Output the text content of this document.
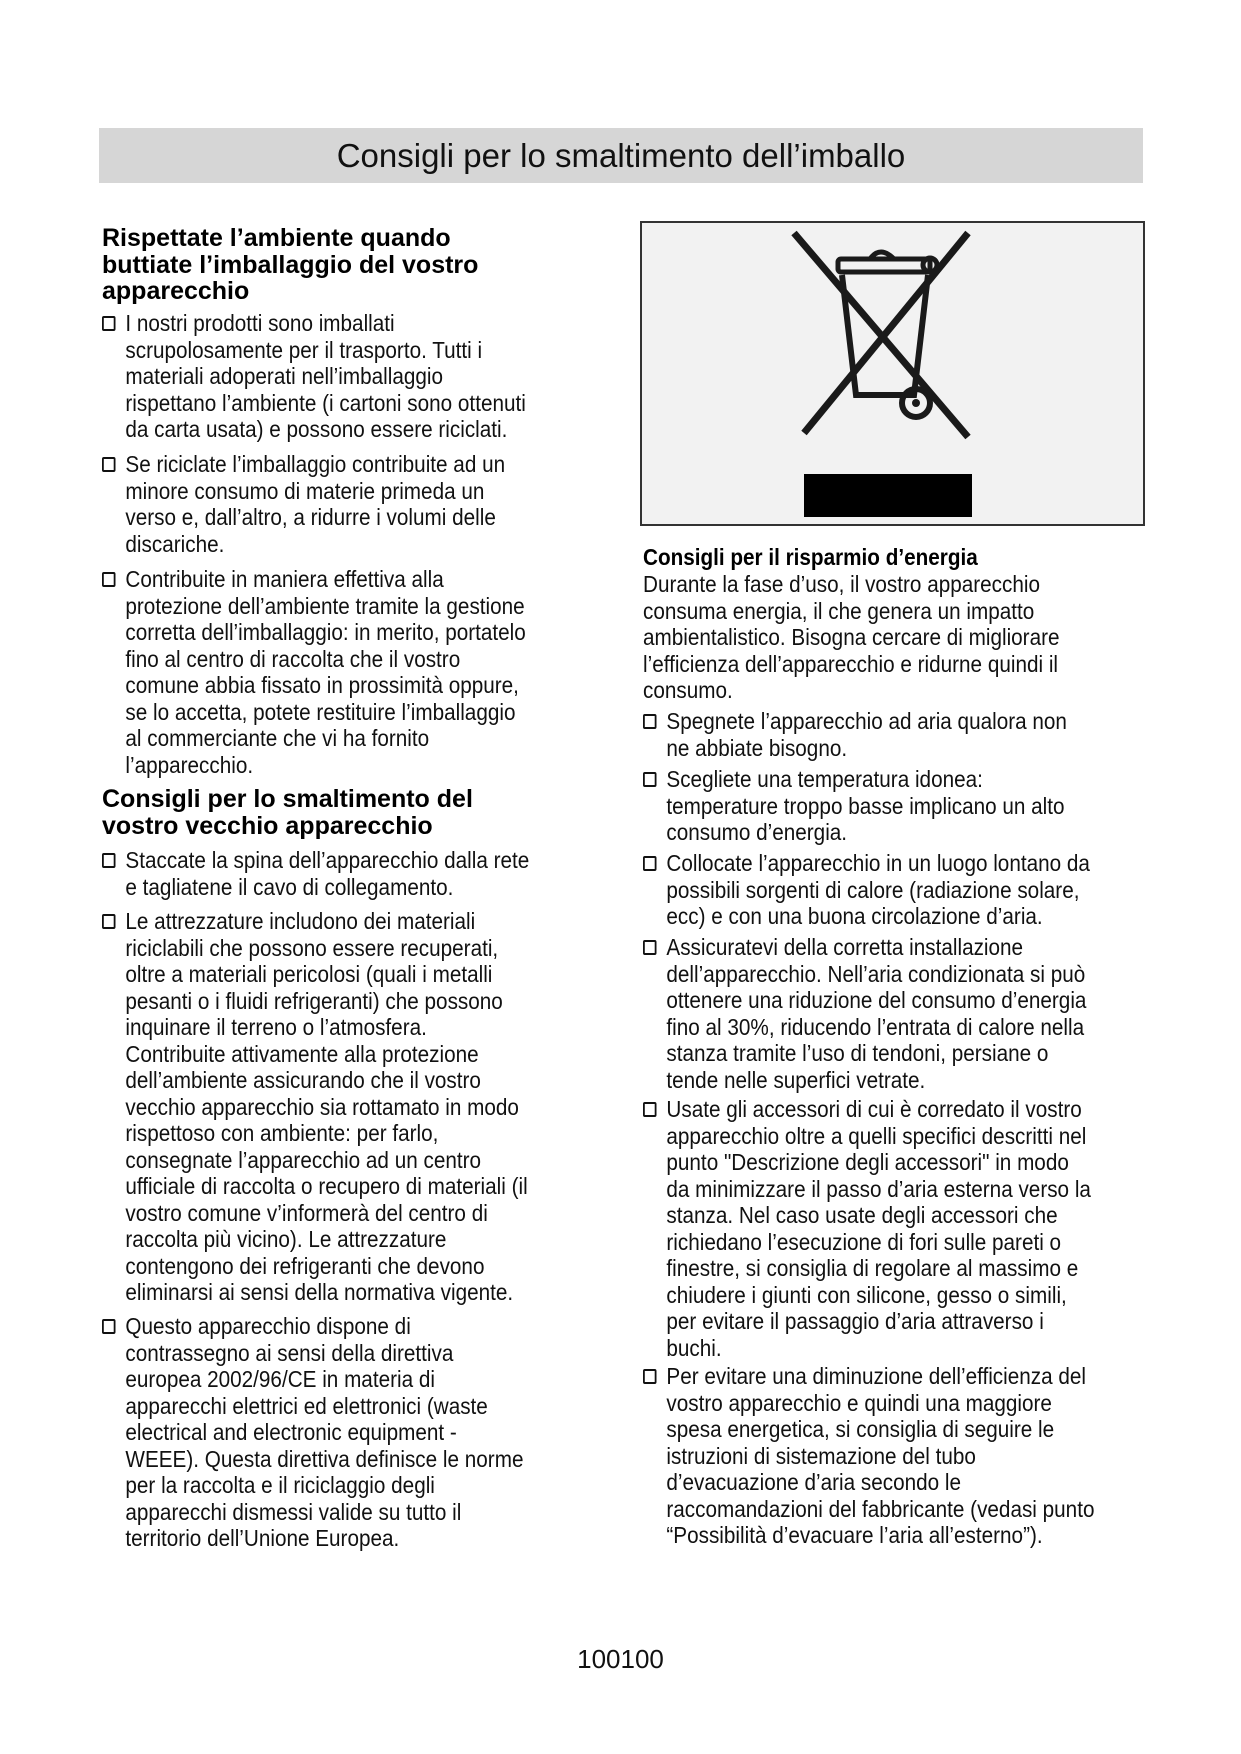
Consigli per lo smaltimento dell’imballo
Rispettate l’ambiente quando
buttiate l’imballaggio del vostro
apparecchio
I nostri prodotti sono imballati
scrupolosamente per il trasporto. Tutti i
materiali adoperati nell’imballaggio
rispettano l’ambiente (i cartoni sono ottenuti
da carta usata) e possono essere riciclati.
Se riciclate l’imballaggio contribuite ad un
minore consumo di materie primeda un
verso e, dall’altro, a ridurre i volumi delle
discariche.
Contribuite in maniera effettiva alla
protezione dell’ambiente tramite la gestione
corretta dell’imballaggio: in merito, portatelo
fino al centro di raccolta che il vostro
comune abbia fissato in prossimità oppure,
se lo accetta, potete restituire l’imballaggio
al commerciante che vi ha fornito
l’apparecchio.
Consigli per lo smaltimento del
vostro vecchio apparecchio
Staccate la spina dell’apparecchio dalla rete
e tagliatene il cavo di collegamento.
Le attrezzature includono dei materiali
riciclabili che possono essere recuperati,
oltre a materiali pericolosi (quali i metalli
pesanti o i fluidi refrigeranti) che possono
inquinare il terreno o l’atmosfera.
Contribuite attivamente alla protezione
dell’ambiente assicurando che il vostro
vecchio apparecchio sia rottamato in modo
rispettoso con ambiente: per farlo,
consegnate l’apparecchio ad un centro
ufficiale di raccolta o recupero di materiali (il
vostro comune v’informerà del centro di
raccolta più vicino). Le attrezzature
contengono dei refrigeranti che devono
eliminarsi ai sensi della normativa vigente.
Questo apparecchio dispone di
contrassegno ai sensi della direttiva
europea 2002/96/CE in materia di
apparecchi elettrici ed elettronici (waste
electrical and electronic equipment -
WEEE). Questa direttiva definisce le norme
per la raccolta e il riciclaggio degli
apparecchi dismessi valide su tutto il
territorio dell’Unione Europea.
Consigli per il risparmio d’energia
Durante la fase d’uso, il vostro apparecchio
consuma energia, il che genera un impatto
ambientalistico. Bisogna cercare di migliorare
l’efficienza dell’apparecchio e ridurne quindi il
consumo.
Spegnete l’apparecchio ad aria qualora non
ne abbiate bisogno.
Scegliete una temperatura idonea:
temperature troppo basse implicano un alto
consumo d’energia.
Collocate l’apparecchio in un luogo lontano da
possibili sorgenti di calore (radiazione solare,
ecc) e con una buona circolazione d’aria.
Assicuratevi della corretta installazione
dell’apparecchio. Nell’aria condizionata si può
ottenere una riduzione del consumo d’energia
fino al 30%, riducendo l’entrata di calore nella
stanza tramite l’uso di tendoni, persiane o
tende nelle superfici vetrate.
Usate gli accessori di cui è corredato il vostro
apparecchio oltre a quelli specifici descritti nel
punto "Descrizione degli accessori" in modo
da minimizzare il passo d’aria esterna verso la
stanza. Nel caso usate degli accessori che
richiedano l’esecuzione di fori sulle pareti o
finestre, si consiglia di regolare al massimo e
chiudere i giunti con silicone, gesso o simili,
per evitare il passaggio d’aria attraverso i
buchi.
Per evitare una diminuzione dell’efficienza del
vostro apparecchio e quindi una maggiore
spesa energetica, si consiglia di seguire le
istruzioni di sistemazione del tubo
d’evacuazione d’aria secondo le
raccomandazioni del fabbricante (vedasi punto
“Possibilità d’evacuare l’aria all’esterno”).
100100
